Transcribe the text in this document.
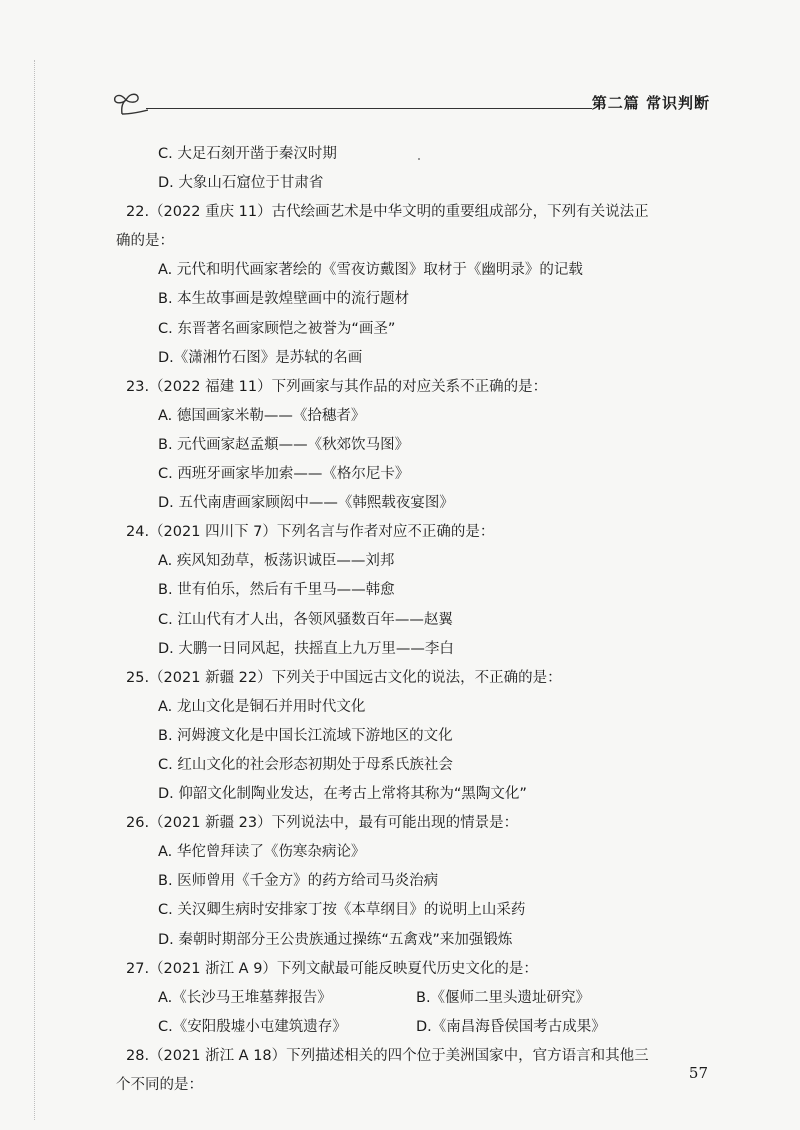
第二篇 常识判断
C. 大足石刻开凿于秦汉时期
D. 大象山石窟位于甘肃省
22.（2022 重庆 11）古代绘画艺术是中华文明的重要组成部分，下列有关说法正
确的是：
A. 元代和明代画家著绘的《雪夜访戴图》取材于《幽明录》的记载
B. 本生故事画是敦煌壁画中的流行题材
C. 东晋著名画家顾恺之被誉为“画圣”
D.《潇湘竹石图》是苏轼的名画
23.（2022 福建 11）下列画家与其作品的对应关系不正确的是：
A. 德国画家米勒——《拾穗者》
B. 元代画家赵孟頫——《秋郊饮马图》
C. 西班牙画家毕加索——《格尔尼卡》
D. 五代南唐画家顾闳中——《韩熙载夜宴图》
24.（2021 四川下 7）下列名言与作者对应不正确的是：
A. 疾风知劲草，板荡识诚臣——刘邦
B. 世有伯乐，然后有千里马——韩愈
C. 江山代有才人出，各领风骚数百年——赵翼
D. 大鹏一日同风起，扶摇直上九万里——李白
25.（2021 新疆 22）下列关于中国远古文化的说法，不正确的是：
A. 龙山文化是铜石并用时代文化
B. 河姆渡文化是中国长江流域下游地区的文化
C. 红山文化的社会形态初期处于母系氏族社会
D. 仰韶文化制陶业发达，在考古上常将其称为“黑陶文化”
26.（2021 新疆 23）下列说法中，最有可能出现的情景是：
A. 华佗曾拜读了《伤寒杂病论》
B. 医师曾用《千金方》的药方给司马炎治病
C. 关汉卿生病时安排家丁按《本草纲目》的说明上山采药
D. 秦朝时期部分王公贵族通过操练“五禽戏”来加强锻炼
27.（2021 浙江 A 9）下列文献最可能反映夏代历史文化的是：
A.《长沙马王堆墓葬报告》	B.《偃师二里头遗址研究》
C.《安阳殷墟小屯建筑遗存》	D.《南昌海昏侯国考古成果》
28.（2021 浙江 A 18）下列描述相关的四个位于美洲国家中，官方语言和其他三
个不同的是：
57
